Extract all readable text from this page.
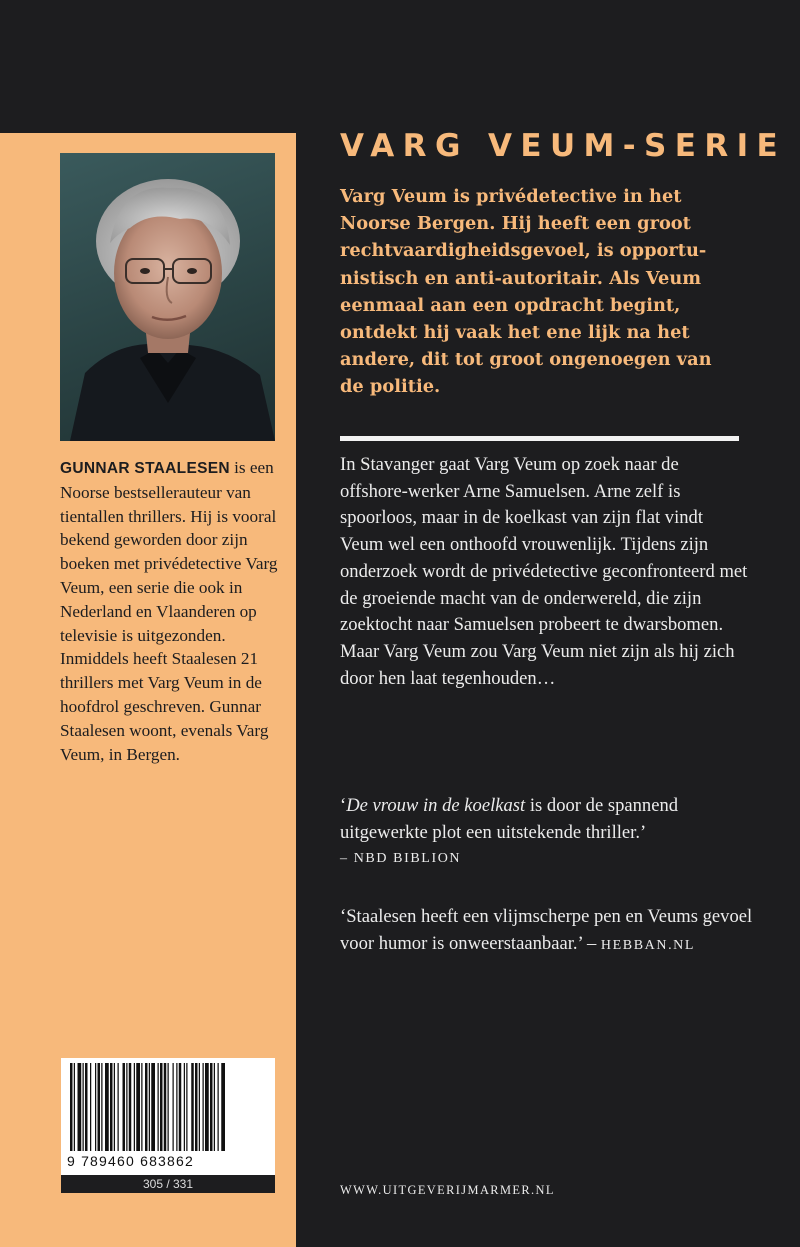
GUNNAR STAALESEN is een Noorse bestsellerauteur van tientallen thrillers. Hij is vooral bekend geworden door zijn boeken met privédetective Varg Veum, een serie die ook in Nederland en Vlaanderen op televisie is uitgezonden. Inmiddels heeft Staalesen 21 thrillers met Varg Veum in de hoofdrol geschreven. Gunnar Staalesen woont, evenals Varg Veum, in Bergen.

9 789460 683862
305 / 331
VARG VEUM-SERIE

Varg Veum is privédetective in het Noorse Bergen. Hij heeft een groot rechtvaardigheidsgevoel, is opportunistisch en anti-autoritair. Als Veum eenmaal aan een opdracht begint, ontdekt hij vaak het ene lijk na het andere, dit tot groot ongenoegen van de politie.

In Stavanger gaat Varg Veum op zoek naar de offshore-werker Arne Samuelsen. Arne zelf is spoorloos, maar in de koelkast van zijn flat vindt Veum wel een onthoofd vrouwenlijk. Tijdens zijn onderzoek wordt de privédetective geconfronteerd met de groeiende macht van de onderwereld, die zijn zoektocht naar Samuelsen probeert te dwarsbomen. Maar Varg Veum zou Varg Veum niet zijn als hij zich door hen laat tegenhouden…

‘De vrouw in de koelkast is door de spannend uitgewerkte plot een uitstekende thriller.’
– NBD BIBLION

‘Staalesen heeft een vlijmscherpe pen en Veums gevoel voor humor is onweerstaanbaar.’ – HEBBAN.NL

WWW.UITGEVERIJMARMER.NL
